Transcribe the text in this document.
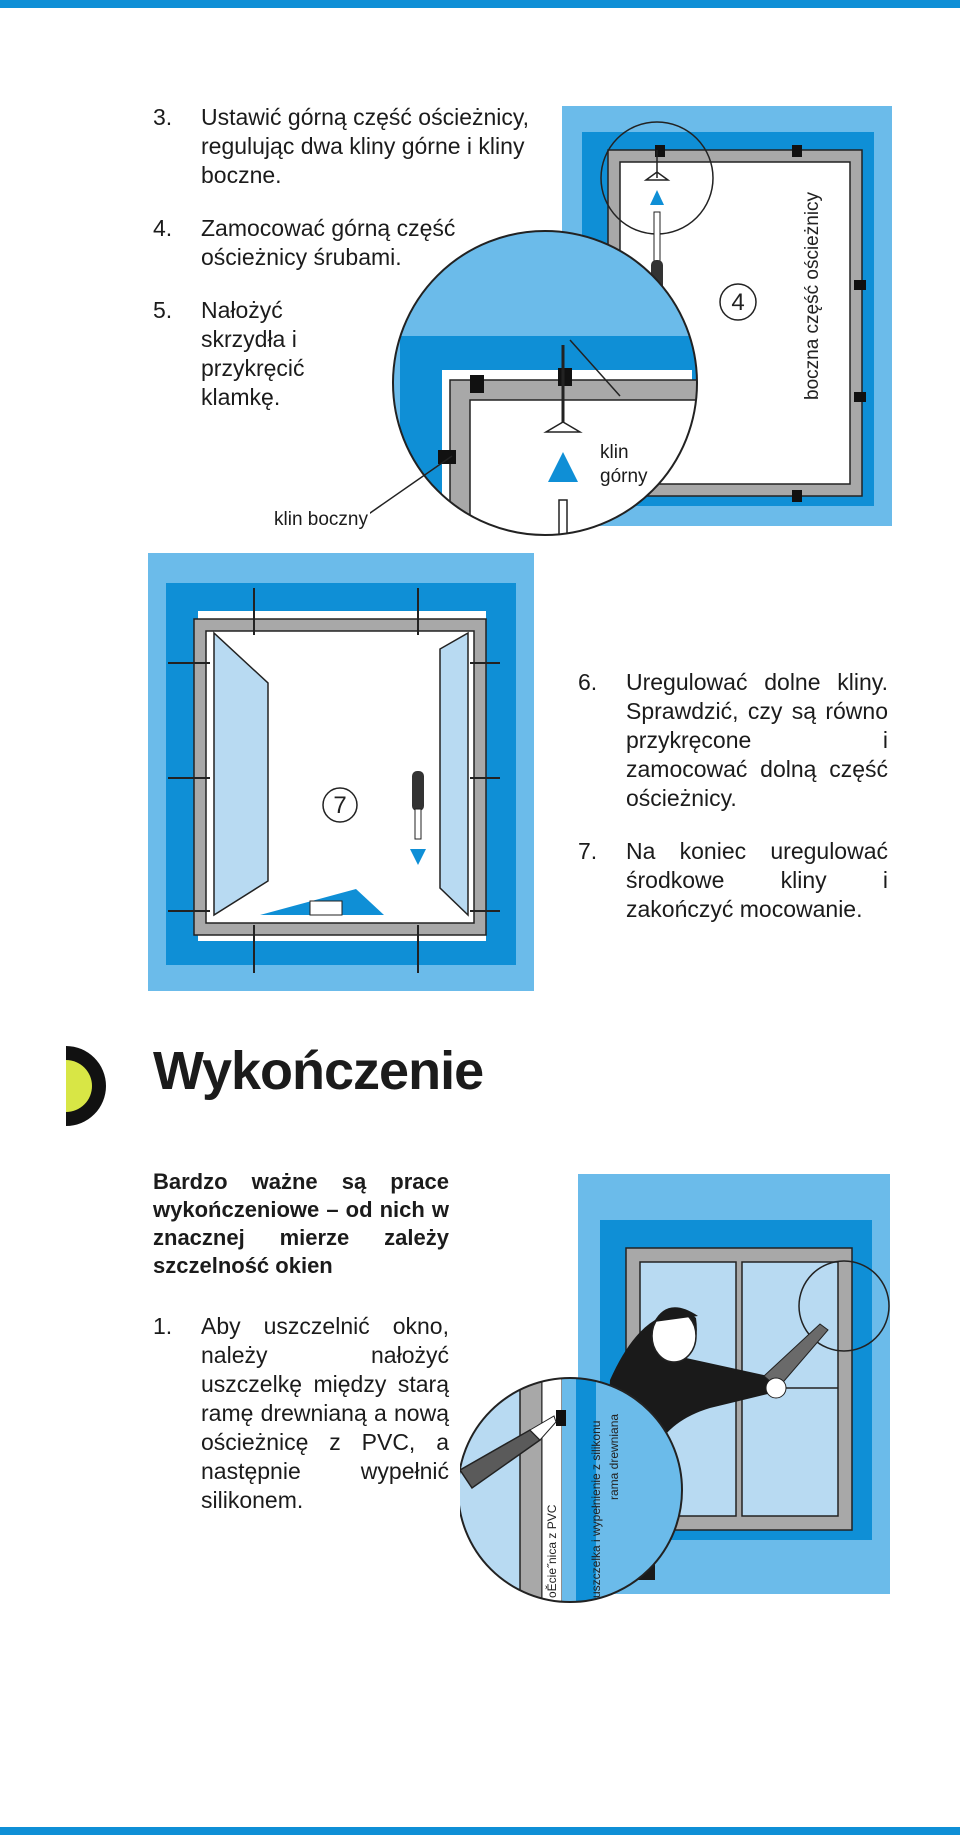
3.	Ustawić górną część ościeżnicy, regulując dwa kliny górne i kliny boczne.
4.	Zamocować górną część ościeżnicy śrubami.
5.	Nałożyć skrzydła i przykręcić klamkę.
4	boczna część ościeżnicy
klin
górny
klin boczny
7
6.	Uregulować dolne kliny. Sprawdzić, czy są równo przykręcone i zamocować dolną część ościeżnicy.
7.	Na koniec uregulować środkowe kliny i zakończyć mocowanie.
Wykończenie

Bardzo ważne są prace wykończeniowe – od nich w znacznej mierze zależy szczelność okien

1.	Aby uszczelnić okno, należy nałożyć uszczelkę między starą ramę drewnianą a nową ościeżnicę z PVC, a następnie wypełnić silikonem.
oĚcie˝nica z PVC	uszczelka i wypełnienie z silikonu rama drewniana
